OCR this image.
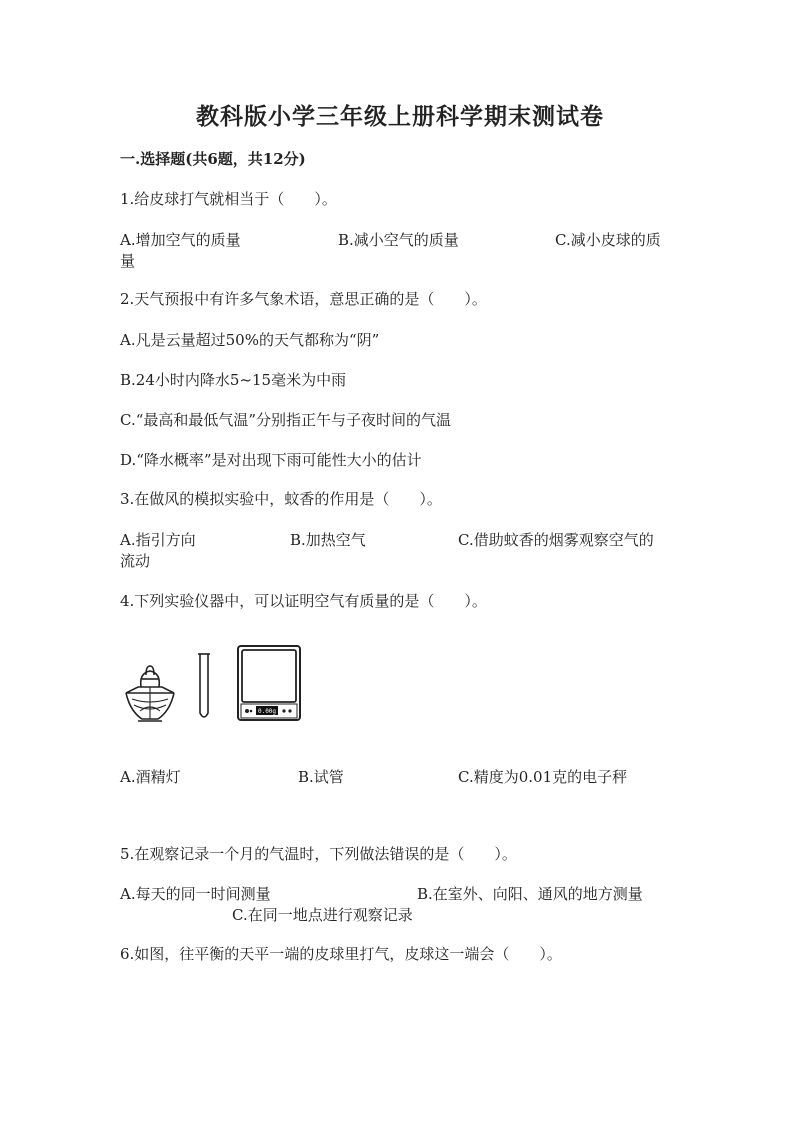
教科版小学三年级上册科学期末测试卷
一.选择题(共6题，共12分)
1.给皮球打气就相当于（　　）。
A.增加空气的质量	B.减小空气的质量	C.减小皮球的质
量
2.天气预报中有许多气象术语，意思正确的是（　　）。
A.凡是云量超过50%的天气都称为“阴”
B.24小时内降水5~15毫米为中雨
C.“最高和最低气温”分别指正午与子夜时间的气温
D.“降水概率”是对出现下雨可能性大小的估计
3.在做风的模拟实验中，蚊香的作用是（　　）。
A.指引方向	B.加热空气	C.借助蚊香的烟雾观察空气的
流动
4.下列实验仪器中，可以证明空气有质量的是（　　）。
0.00g
A.酒精灯	B.试管	C.精度为0.01克的电子秤
5.在观察记录一个月的气温时，下列做法错误的是（　　）。
A.每天的同一时间测量	B.在室外、向阳、通风的地方测量
C.在同一地点进行观察记录
6.如图，往平衡的天平一端的皮球里打气，皮球这一端会（　　）。
